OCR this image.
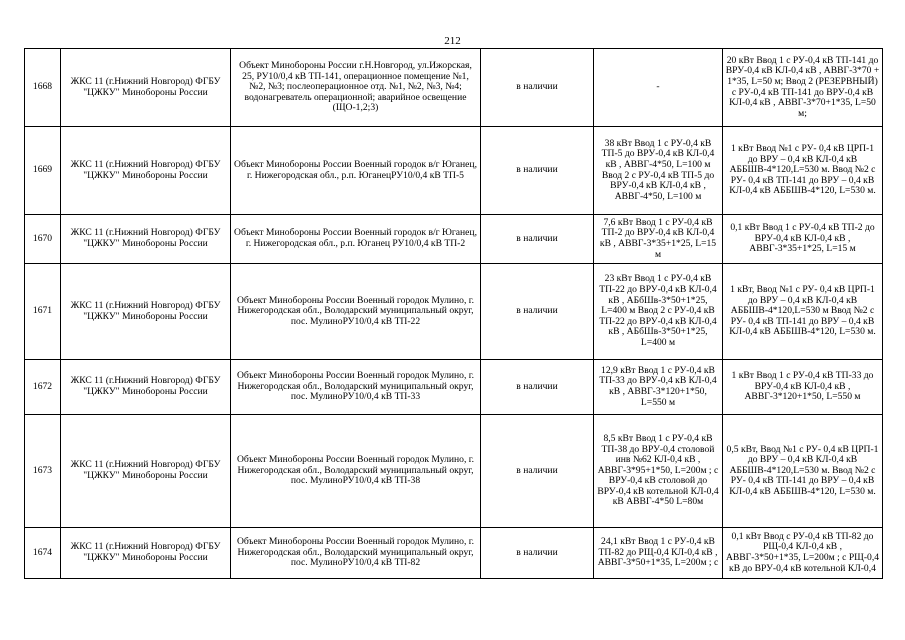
212
1668	ЖКС 11 (г.Нижний Новгород) ФГБУ "ЦЖКУ" Минобороны России	Объект Минобороны России г.Н.Новгород, ул.Ижорская, 25, РУ10/0,4 кВ ТП-141, операционное помещение №1, №2, №3; послеоперационное отд. №1, №2, №3, №4; водонагреватель операционной; аварийное освещение (ЩО-1,2;3)	в наличии	-	20 кВт Ввод 1 с РУ-0,4 кВ ТП-141 до ВРУ-0,4 кВ КЛ-0,4 кВ , АВВГ-3*70 + 1*35, L=50 м; Ввод 2 (РЕЗЕРВНЫЙ) с РУ-0,4 кВ ТП-141 до ВРУ-0,4 кВ КЛ-0,4 кВ , АВВГ-3*70+1*35, L=50 м;

1669	ЖКС 11 (г.Нижний Новгород) ФГБУ "ЦЖКУ" Минобороны России	Объект Минобороны России Военный городок в/г Юганец, г. Нижегородская обл., р.п. ЮганецРУ10/0,4 кВ ТП-5	в наличии	38 кВт Ввод 1 с РУ-0,4 кВ ТП-5 до ВРУ-0,4 кВ КЛ-0,4 кВ , АВВГ-4*50, L=100 м Ввод 2 с РУ-0,4 кВ ТП-5 до ВРУ-0,4 кВ КЛ-0,4 кВ , АВВГ-4*50, L=100 м	1 кВт Ввод №1 с РУ- 0,4 кВ ЦРП-1 до ВРУ – 0,4 кВ КЛ-0,4 кВ АББШВ-4*120,L=530 м. Ввод №2 с РУ- 0,4 кВ ТП-141 до ВРУ – 0,4 кВ КЛ-0,4 кВ АББШВ-4*120, L=530 м.

1670	ЖКС 11 (г.Нижний Новгород) ФГБУ "ЦЖКУ" Минобороны России	Объект Минобороны России Военный городок в/г Юганец, г. Нижегородская обл., р.п. Юганец РУ10/0,4 кВ ТП-2	в наличии	7,6 кВт Ввод 1 с РУ-0,4 кВ ТП-2 до ВРУ-0,4 кВ КЛ-0,4 кВ , АВВГ-3*35+1*25, L=15 м	0,1 кВт Ввод 1 с РУ-0,4 кВ ТП-2 до ВРУ-0,4 кВ КЛ-0,4 кВ , АВВГ-3*35+1*25, L=15 м

1671	ЖКС 11 (г.Нижний Новгород) ФГБУ "ЦЖКУ" Минобороны России	Объект Минобороны России Военный городок Мулино, г. Нижегородская обл., Володарский муниципальный округ, пос. МулиноРУ10/0,4 кВ ТП-22	в наличии	23 кВт Ввод 1 с РУ-0,4 кВ ТП-22 до ВРУ-0,4 кВ КЛ-0,4 кВ , АБбШв-3*50+1*25, L=400 м Ввод 2 с РУ-0,4 кВ ТП-22 до ВРУ-0,4 кВ КЛ-0,4 кВ , АБбШв-3*50+1*25, L=400 м	1 кВт, Ввод №1 с РУ- 0,4 кВ ЦРП-1 до ВРУ – 0,4 кВ КЛ-0,4 кВ АББШВ-4*120,L=530 м Ввод №2 с РУ- 0,4 кВ ТП-141 до ВРУ – 0,4 кВ КЛ-0,4 кВ АББШВ-4*120, L=530 м.

1672	ЖКС 11 (г.Нижний Новгород) ФГБУ "ЦЖКУ" Минобороны России	Объект Минобороны России Военный городок Мулино, г. Нижегородская обл., Володарский муниципальный округ, пос. МулиноРУ10/0,4 кВ ТП-33	в наличии	12,9 кВт Ввод 1 с РУ-0,4 кВ ТП-33 до ВРУ-0,4 кВ КЛ-0,4 кВ , АВВГ-3*120+1*50, L=550 м	1 кВт Ввод 1 с РУ-0,4 кВ ТП-33 до ВРУ-0,4 кВ КЛ-0,4 кВ , АВВГ-3*120+1*50, L=550 м

1673	ЖКС 11 (г.Нижний Новгород) ФГБУ "ЦЖКУ" Минобороны России	Объект Минобороны России Военный городок Мулино, г. Нижегородская обл., Володарский муниципальный округ, пос. МулиноРУ10/0,4 кВ ТП-38	в наличии	8,5 кВт Ввод 1 с РУ-0,4 кВ ТП-38 до ВРУ-0,4 столовой инв №62 КЛ-0,4 кВ , АВВГ-3*95+1*50, L=200м ; с ВРУ-0,4 кВ столовой до ВРУ-0,4 кВ котельной КЛ-0,4 кВ АВВГ-4*50 L=80м	0,5 кВт, Ввод №1 с РУ- 0,4 кВ ЦРП-1 до ВРУ – 0,4 кВ КЛ-0,4 кВ АББШВ-4*120,L=530 м. Ввод №2 с РУ- 0,4 кВ ТП-141 до ВРУ – 0,4 кВ КЛ-0,4 кВ АББШВ-4*120, L=530 м.

1674	ЖКС 11 (г.Нижний Новгород) ФГБУ "ЦЖКУ" Минобороны России	Объект Минобороны России Военный городок Мулино, г. Нижегородская обл., Володарский муниципальный округ, пос. МулиноРУ10/0,4 кВ ТП-82	в наличии	24,1 кВт Ввод 1 с РУ-0,4 кВ ТП-82 до РЩ-0,4 КЛ-0,4 кВ , АВВГ-3*50+1*35, L=200м ; с	0,1 кВт Ввод с РУ-0,4 кВ ТП-82 до РЩ-0,4 КЛ-0,4 кВ , АВВГ-3*50+1*35, L=200м ; с РЩ-0,4 кВ до ВРУ-0,4 кВ котельной КЛ-0,4
